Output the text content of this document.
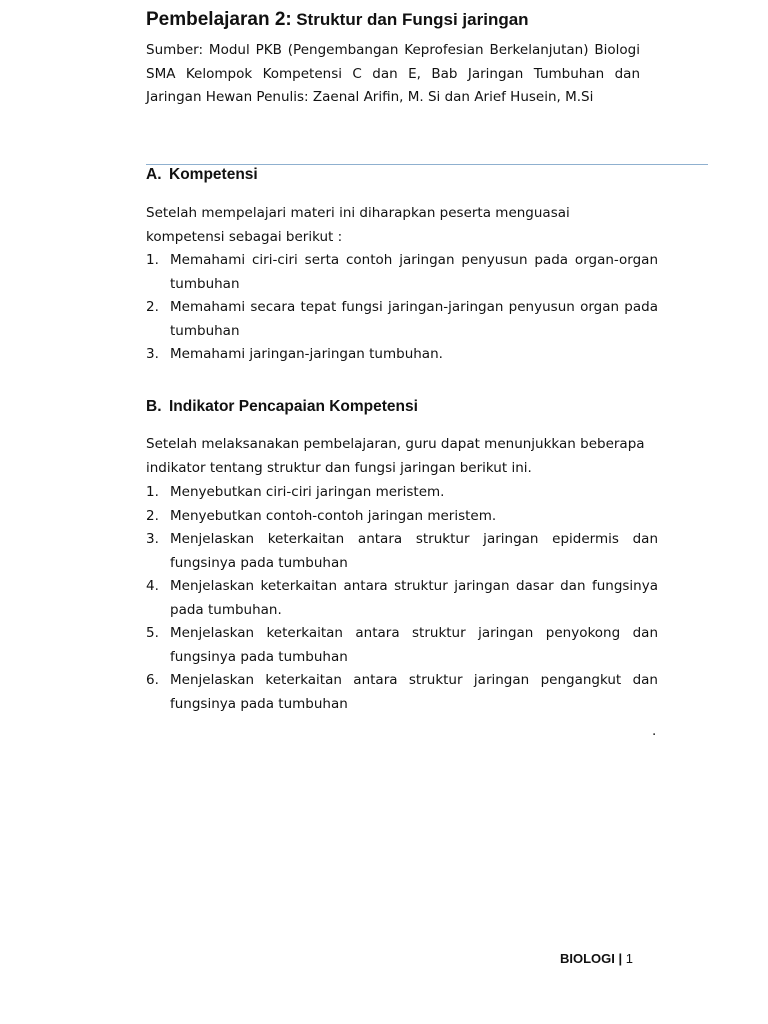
Pembelajaran 2: Struktur dan Fungsi jaringan
Sumber: Modul PKB (Pengembangan Keprofesian Berkelanjutan) Biologi SMA Kelompok Kompetensi C dan E, Bab Jaringan Tumbuhan dan Jaringan Hewan Penulis: Zaenal Arifin, M. Si dan Arief Husein, M.Si
A. Kompetensi
Setelah mempelajari materi ini diharapkan peserta menguasai kompetensi sebagai berikut :
1. Memahami ciri-ciri serta contoh jaringan penyusun pada organ-organ tumbuhan
2. Memahami secara tepat fungsi jaringan-jaringan penyusun organ pada tumbuhan
3. Memahami jaringan-jaringan tumbuhan.
B. Indikator Pencapaian Kompetensi
Setelah melaksanakan pembelajaran, guru dapat menunjukkan beberapa indikator tentang struktur dan fungsi jaringan berikut ini.
1. Menyebutkan ciri-ciri jaringan meristem.
2. Menyebutkan contoh-contoh jaringan meristem.
3. Menjelaskan keterkaitan antara struktur jaringan epidermis dan fungsinya pada tumbuhan
4. Menjelaskan keterkaitan antara struktur jaringan dasar dan fungsinya pada tumbuhan.
5. Menjelaskan keterkaitan antara struktur jaringan penyokong dan fungsinya pada tumbuhan
6. Menjelaskan keterkaitan antara struktur jaringan pengangkut dan fungsinya pada tumbuhan
.
BIOLOGI | 1
